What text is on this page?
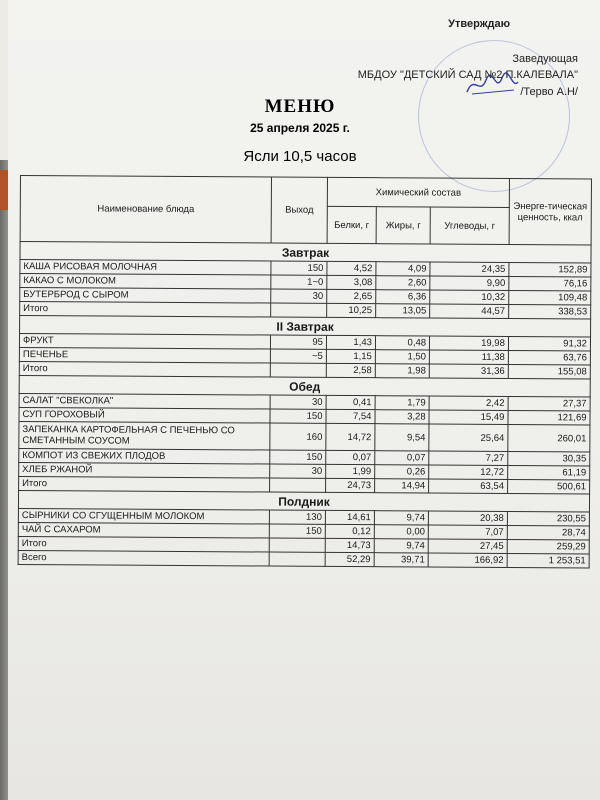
Утверждаю
Заведующая
МБДОУ "ДЕТСКИЙ САД №2 П.КАЛЕВАЛА"
/Терво А.Н/
МЕНЮ
25 апреля 2025 г.
Ясли 10,5 часов
Наименование блюда	Выход	Химический состав			Энерге-тическая ценность, ккал
		Белки, г	Жиры, г	Углеводы, г	
Завтрак					
КАША РИСОВАЯ МОЛОЧНАЯ	150	4,52	4,09	24,35	152,89
КАКАО С МОЛОКОМ	1~0	3,08	2,60	9,90	76,16
БУТЕРБРОД С СЫРОМ	30	2,65	6,36	10,32	109,48
Итого		10,25	13,05	44,57	338,53
II Завтрак					
ФРУКТ	95	1,43	0,48	19,98	91,32
ПЕЧЕНЬЕ	~5	1,15	1,50	11,38	63,76
Итого		2,58	1,98	31,36	155,08
Обед					
САЛАТ "СВЕКОЛКА"	30	0,41	1,79	2,42	27,37
СУП ГОРОХОВЫЙ	150	7,54	3,28	15,49	121,69
ЗАПЕКАНКА КАРТОФЕЛЬНАЯ С ПЕЧЕНЬЮ СО СМЕТАННЫМ СОУСОМ	160	14,72	9,54	25,64	260,01
КОМПОТ ИЗ СВЕЖИХ ПЛОДОВ	150	0,07	0,07	7,27	30,35
ХЛЕБ РЖАНОЙ	30	1,99	0,26	12,72	61,19
Итого		24,73	14,94	63,54	500,61
Полдник					
СЫРНИКИ СО СГУЩЕННЫМ МОЛОКОМ	130	14,61	9,74	20,38	230,55
ЧАЙ С САХАРОМ	150	0,12	0,00	7,07	28,74
Итого		14,73	9,74	27,45	259,29
Всего		52,29	39,71	166,92	1 253,51
